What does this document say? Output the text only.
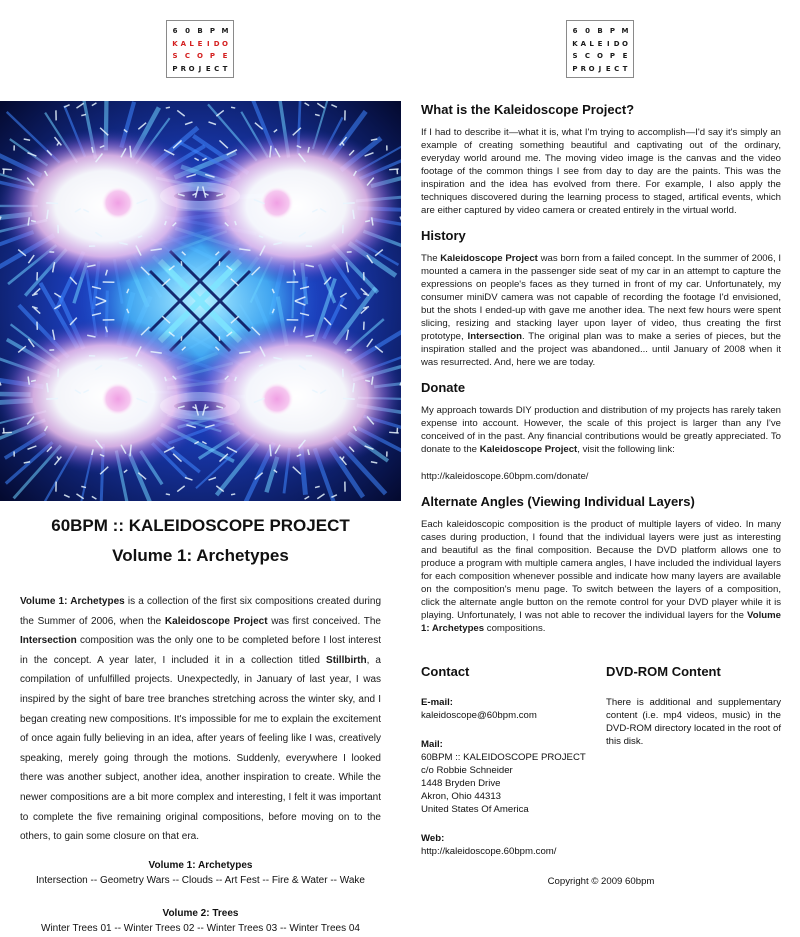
6 0 B P M
K A L E I D O
S C O P E
P R O J E C T
6 0 B P M
K A L E I D O
S C O P E
P R O J E C T
60BPM :: KALEIDOSCOPE PROJECT
Volume 1: Archetypes
Volume 1: Archetypes is a collection of the first six compositions created during the Summer of 2006, when the Kaleidoscope Project was first conceived. The Intersection composition was the only one to be completed before I lost interest in the concept. A year later, I included it in a collection titled Stillbirth, a compilation of unfulfilled projects. Unexpectedly, in January of last year, I was inspired by the sight of bare tree branches stretching across the winter sky, and I began creating new compositions. It's impossible for me to explain the excitement of once again fully believing in an idea, after years of feeling like I was, creatively speaking, merely going through the motions. Suddenly, everywhere I looked there was another subject, another idea, another inspiration to create. While the newer compositions are a bit more complex and interesting, I felt it was important to complete the five remaining original compositions, before moving on to the others, to gain some closure on that era.
Volume 1: Archetypes
Intersection -- Geometry Wars -- Clouds -- Art Fest -- Fire & Water -- Wake
Volume 2: Trees
Winter Trees 01 -- Winter Trees 02 -- Winter Trees 03 -- Winter Trees 04
What is the Kaleidoscope Project?

If I had to describe it—what it is, what I'm trying to accomplish—I'd say it's simply an example of creating something beautiful and captivating out of the ordinary, everyday world around me. The moving video image is the canvas and the video footage of the common things I see from day to day are the paints. This was the inspiration and the idea has evolved from there. For example, I also apply the techniques discovered during the learning process to staged, artifical events, which are either captured by video camera or created entirely in the virtual world.

History

The Kaleidoscope Project was born from a failed concept. In the summer of 2006, I mounted a camera in the passenger side seat of my car in an attempt to capture the expressions on people's faces as they turned in front of my car. Unfortunately, my consumer miniDV camera was not capable of recording the footage I'd envisioned, but the shots I ended-up with gave me another idea. The next few hours were spent slicing, resizing and stacking layer upon layer of video, thus creating the first prototype, Intersection. The original plan was to make a series of pieces, but the inspiration stalled and the project was abandoned... until January of 2008 when it was resurrected. And, here we are today.

Donate

My approach towards DIY production and distribution of my projects has rarely taken expense into account. However, the scale of this project is larger than any I've conceived of in the past. Any financial contributions would be greatly appreciated. To donate to the Kaleidoscope Project, visit the following link:

http://kaleidoscope.60bpm.com/donate/

Alternate Angles (Viewing Individual Layers)

Each kaleidoscopic composition is the product of multiple layers of video. In many cases during production, I found that the individual layers were just as interesting and beautiful as the final composition. Because the DVD platform allows one to produce a program with multiple camera angles, I have included the individual layers for each composition whenever possible and indicate how many layers are available on the composition's menu page. To switch between the layers of a composition, click the alternate angle button on the remote control for your DVD player while it is playing. Unfortunately, I was not able to recover the individual layers for the Volume 1: Archetypes compositions.

Contact
E-mail:
kaleidoscope@60bpm.com
Mail:
60BPM :: KALEIDOSCOPE PROJECT
c/o Robbie Schneider
1448 Bryden Drive
Akron, Ohio 44313
United States Of America
Web:
http://kaleidoscope.60bpm.com/
DVD-ROM Content

There is additional and supplementary content (i.e. mp4 videos, music) in the DVD-ROM directory located in the root of this disk.

Copyright © 2009 60bpm
